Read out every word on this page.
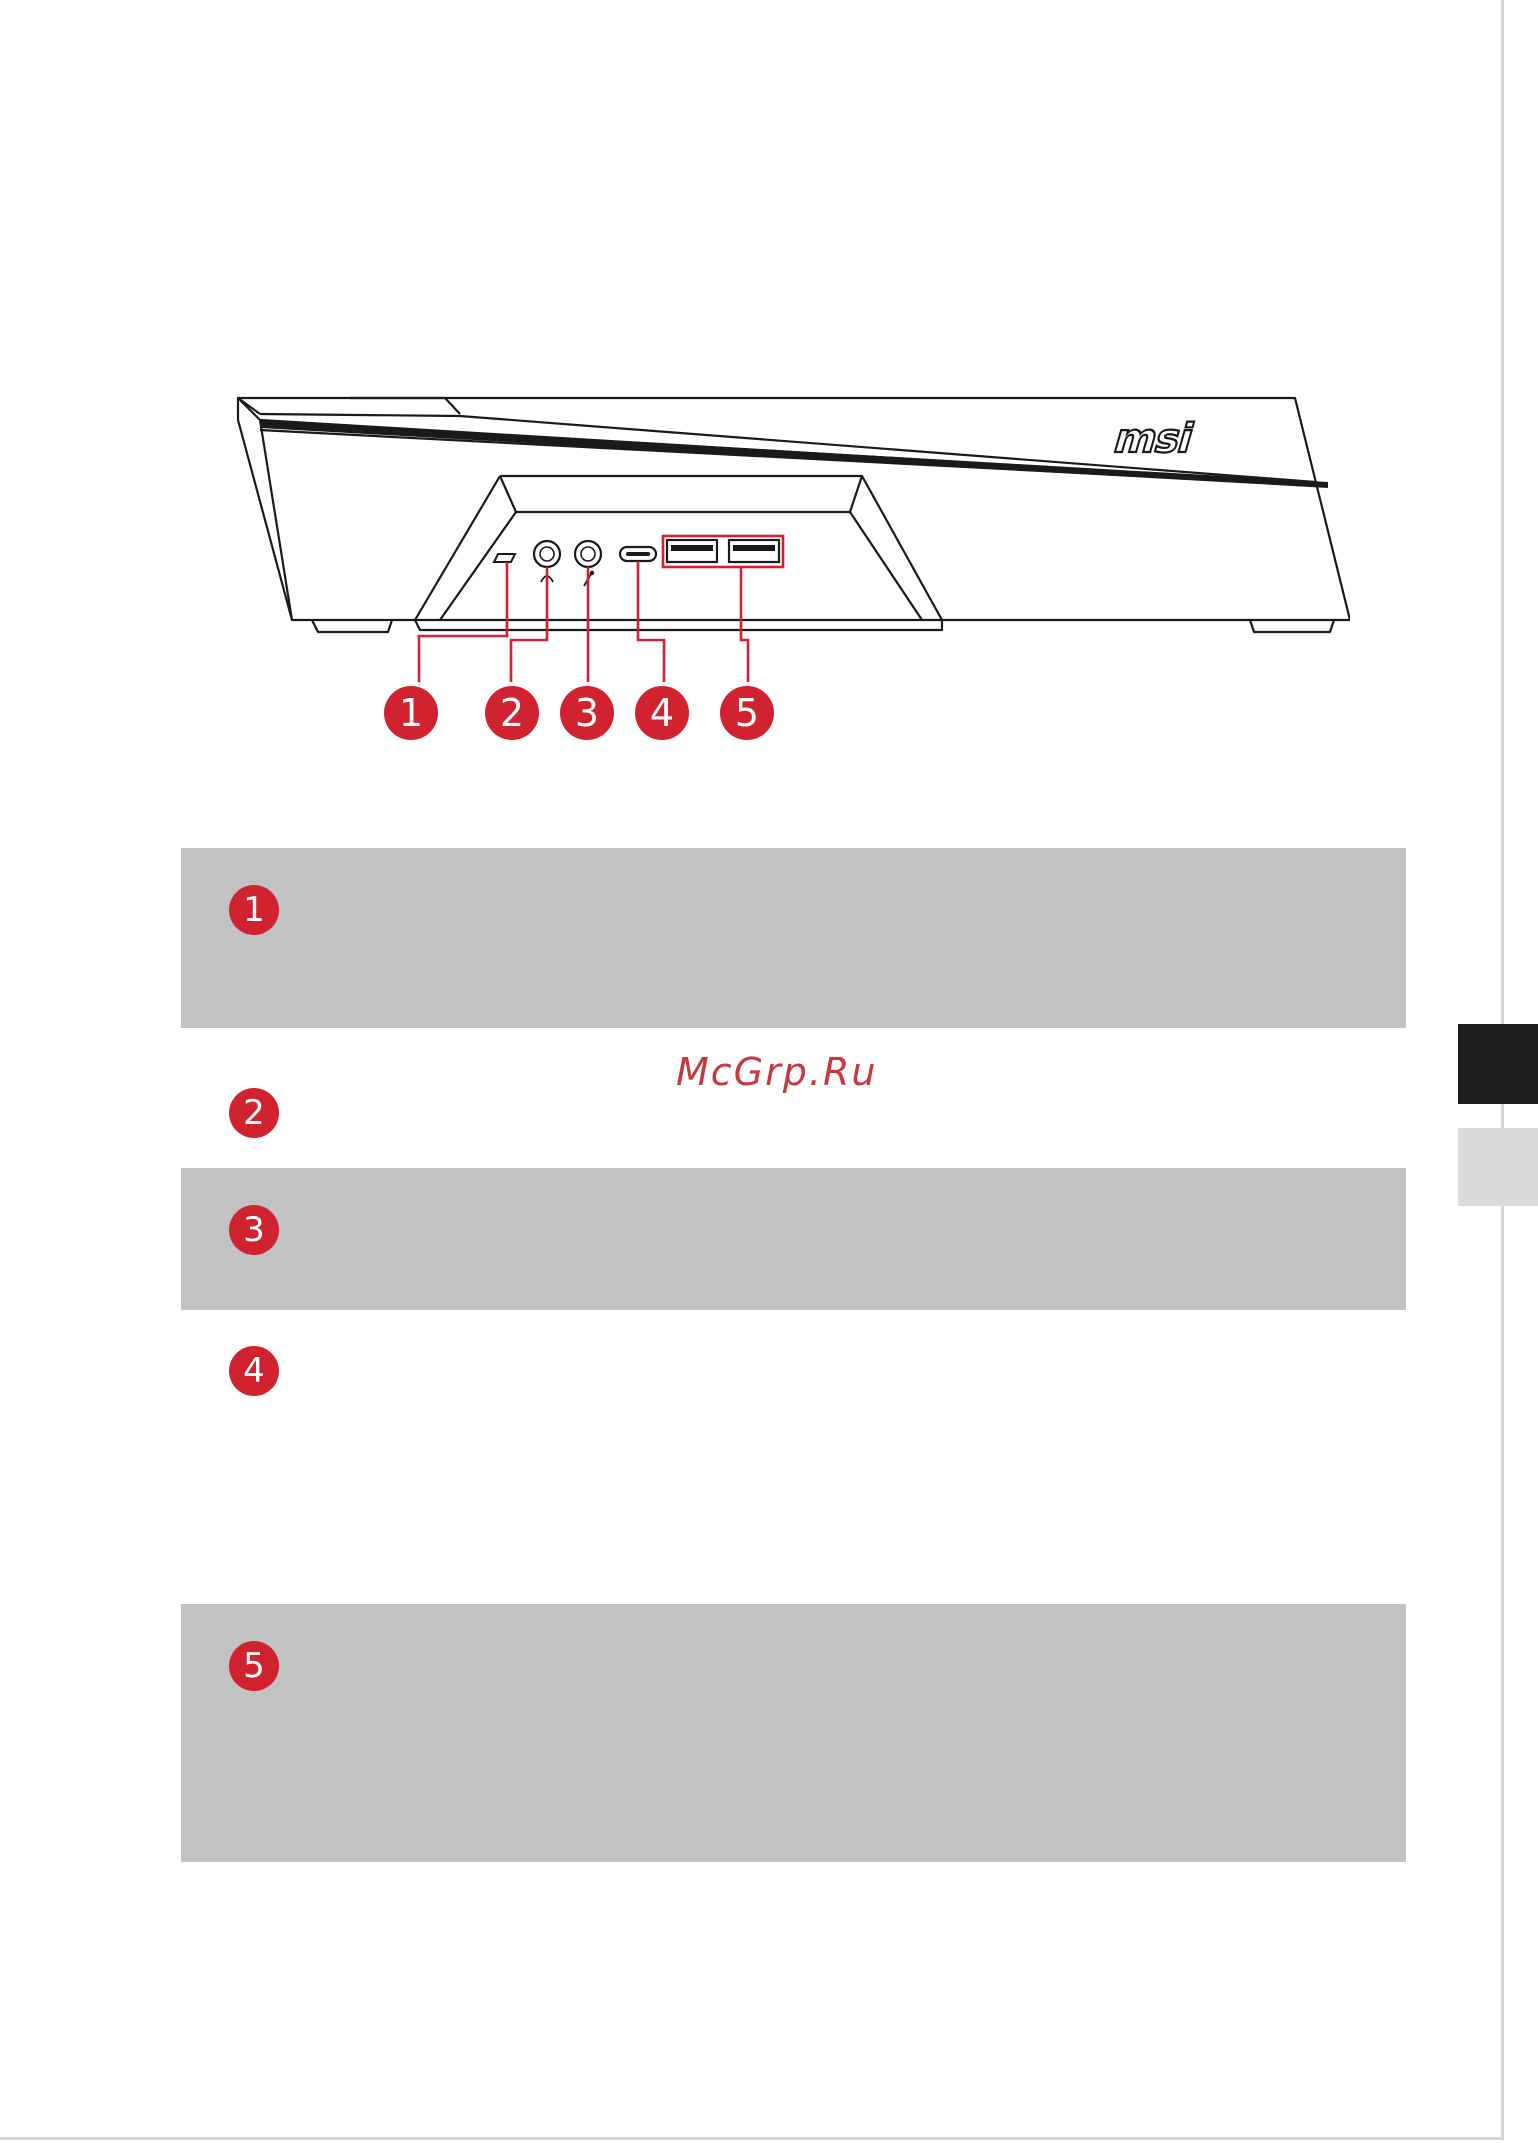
msi
1	2	3	4	5
1
2
3
4
5
McGrp.Ru
